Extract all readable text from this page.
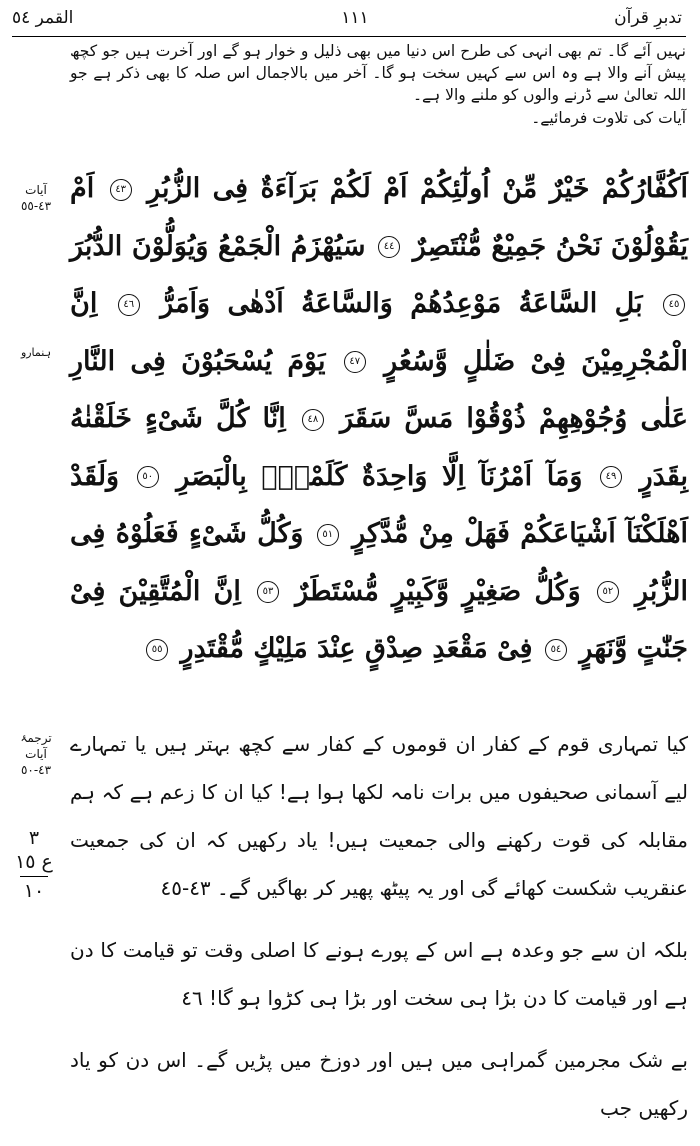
تدبرِ قرآن
١١١
القمر ٥٤

نہیں آئے گا۔ تم بھی انہی کی طرح اس دنیا میں بھی ذلیل و خوار ہو گے اور آخرت ہیں جو کچھ پیش آنے والا ہے وہ اس سے کہیں سخت ہو گا۔ آخر میں بالاجمال اس صلہ کا بھی ذکر ہے جو اللہ تعالیٰ سے ڈرنے والوں کو ملنے والا ہے۔

آیات کی تلاوت فرمائیے۔

آیات
٤٣-٥٥
ہنمارو
٣
ع ١٥
١٠
ترجمۂ آیات
٤٣-٥٠
اَكُفَّارُكُمْ خَيْرٌ مِّنْ اُولٰٓئِكُمْ اَمْ لَكُمْ بَرَآءَةٌ فِى الزُّبُرِ ٤٣ اَمْ يَقُوْلُوْنَ نَحْنُ جَمِيْعٌ مُّنْتَصِرٌ ٤٤ سَيُهْزَمُ الْجَمْعُ وَيُوَلُّوْنَ الدُّبُرَ ٤٥ بَلِ السَّاعَةُ مَوْعِدُهُمْ وَالسَّاعَةُ اَدْهٰى وَاَمَرُّ ٤٦ اِنَّ الْمُجْرِمِيْنَ فِىْ ضَلٰلٍ وَّسُعُرٍ ٤٧ يَوْمَ يُسْحَبُوْنَ فِى النَّارِ عَلٰى وُجُوْهِهِمْ ذُوْقُوْا مَسَّ سَقَرَ ٤٨ اِنَّا كُلَّ شَىْءٍ خَلَقْنٰهُ بِقَدَرٍ ٤٩ وَمَآ اَمْرُنَآ اِلَّا وَاحِدَةٌ كَلَمْحٍۢ بِالْبَصَرِ ٥٠ وَلَقَدْ اَهْلَكْنَآ اَشْيَاعَكُمْ فَهَلْ مِنْ مُّدَّكِرٍ ٥١ وَكُلُّ شَىْءٍ فَعَلُوْهُ فِى الزُّبُرِ ٥٢ وَكُلُّ صَغِيْرٍ وَّكَبِيْرٍ مُّسْتَطَرٌ ٥٣ اِنَّ الْمُتَّقِيْنَ فِىْ جَنّٰتٍ وَّنَهَرٍ ٥٤ فِىْ مَقْعَدِ صِدْقٍ عِنْدَ مَلِيْكٍ مُّقْتَدِرٍ ٥٥

کیا تمہاری قوم کے کفار ان قوموں کے کفار سے کچھ بہتر ہیں یا تمہارے لیے آسمانی صحیفوں میں برات نامہ لکھا ہوا ہے! کیا ان کا زعم ہے کہ ہم مقابلہ کی قوت رکھنے والی جمعیت ہیں! یاد رکھیں کہ ان کی جمعیت عنقریب شکست کھائے گی اور یہ پیٹھ پھیر کر بھاگیں گے۔ ٤٣-٤٥

بلکہ ان سے جو وعدہ ہے اس کے پورے ہونے کا اصلی وقت تو قیامت کا دن ہے اور قیامت کا دن بڑا ہی سخت اور بڑا ہی کڑوا ہو گا! ٤٦

بے شک مجرمین گمراہی میں ہیں اور دوزخ میں پڑیں گے۔ اس دن کو یاد رکھیں جب
